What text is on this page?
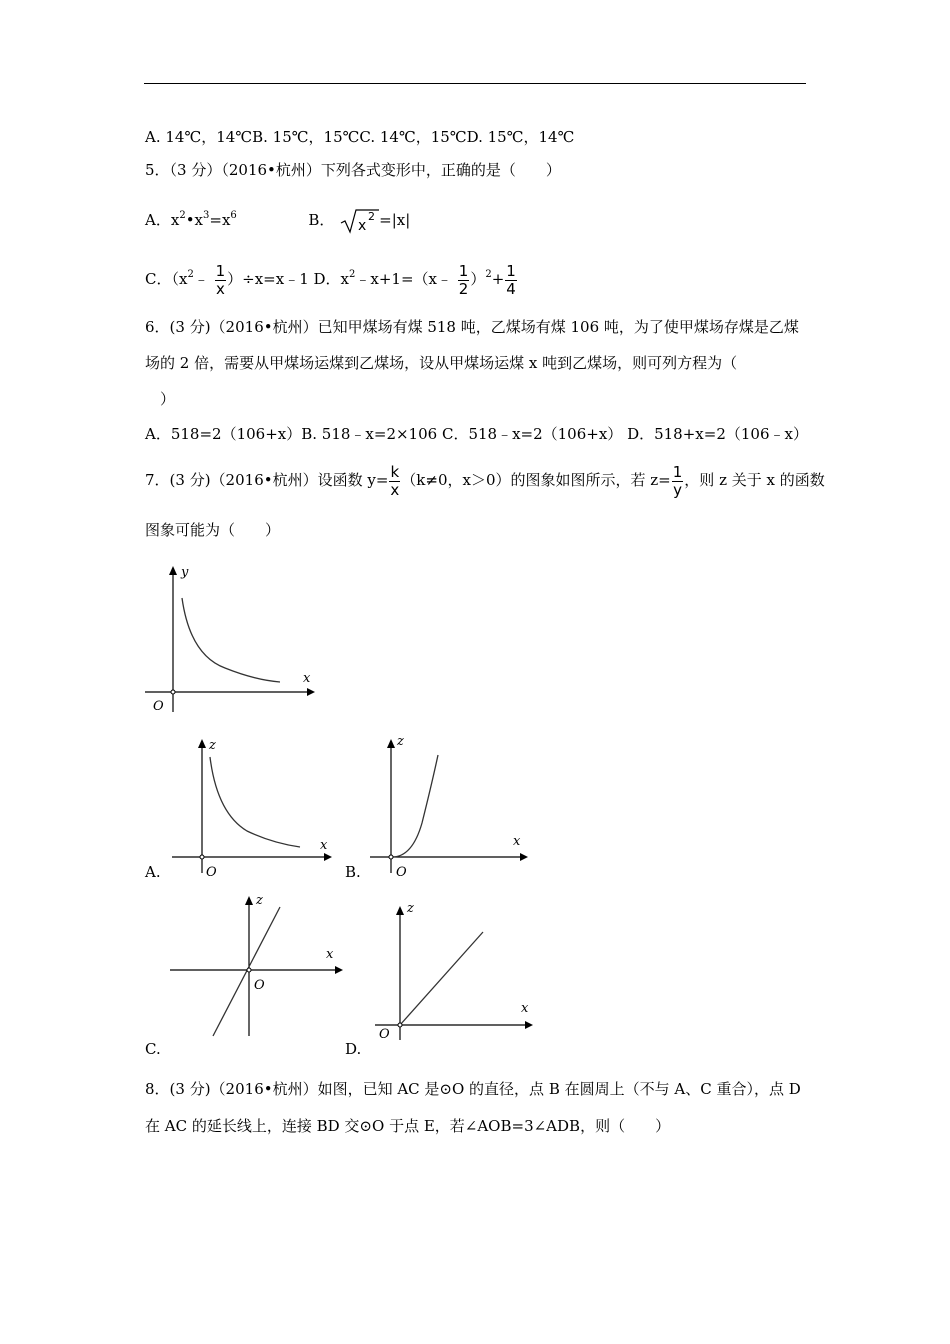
A. 14℃，14℃B. 15℃，15℃C. 14℃，15℃D. 15℃，14℃
5．（3 分）（2016•杭州）下列各式变形中，正确的是（　　）
A．$x^2•x^3=x^6$	B． x
2 =|x|
C．（$x^2﹣ \frac{1}{x}$ ）÷x=x﹣1 D．$x^2﹣x+1=(x﹣ \frac{1}{2} )^2+ \frac{1}{4}$
6．(3 分)（2016•杭州）已知甲煤场有煤 518 吨，乙煤场有煤 106 吨，为了使甲煤场存煤是乙煤
场的 2 倍，需要从甲煤场运煤到乙煤场，设从甲煤场运煤 x 吨到乙煤场，则可列方程为（
）
A．518=2（106+x）B. 518﹣x=2×106 C．518﹣x=2（106+x） D．518+x=2（106﹣x）
7．(3 分)（2016•杭州）设函数 $y= \frac{k}{x} (k\ne 0$，x＞0）的图象如图所示，若 $z= \frac{1}{y}$ ，则 z 关于 x 的函数
图象可能为（　　）
x
y
O
A.
x
z
O	B.
x
z
O
C.
x
z
O
D.
x
z
O
8．(3 分)（2016•杭州）如图，已知 AC 是⊙O 的直径，点 B 在圆周上（不与 A、C 重合），点 D
在 AC 的延长线上，连接 BD 交⊙O 于点 E，若∠AOB=3∠ADB，则（　　）
